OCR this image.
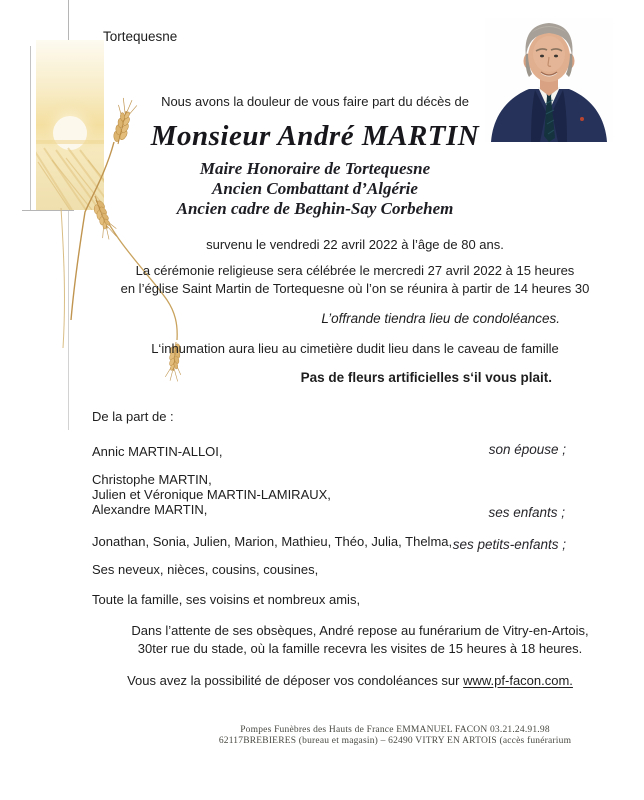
Tortequesne
Nous avons la douleur de vous faire part du décès de
Monsieur André MARTIN
Maire Honoraire de Tortequesne
Ancien Combattant d’Algérie
Ancien cadre de Beghin-Say Corbehem
survenu le vendredi 22 avril 2022 à l’âge de 80 ans.
La cérémonie religieuse sera célébrée le mercredi 27 avril 2022 à 15 heures
en l’église Saint Martin de Tortequesne où l’on se réunira à partir de 14 heures 30
L’offrande tiendra lieu de condoléances.
L‘inhumation aura lieu au cimetière dudit lieu dans le caveau de famille
Pas de fleurs artificielles s‘il vous plait.
De la part de :
Annic MARTIN-ALLOI,	son épouse ;
Christophe MARTIN,
Julien et Véronique MARTIN-LAMIRAUX,
Alexandre MARTIN,	ses enfants ;
Jonathan, Sonia, Julien, Marion, Mathieu, Théo, Julia, Thelma, ses petits-enfants ;
Ses neveux, nièces, cousins, cousines,
Toute la famille, ses voisins et nombreux amis,
Dans l’attente de ses obsèques, André repose au funérarium de Vitry-en-Artois,
30ter rue du stade, où la famille recevra les visites de 15 heures à 18 heures.
Vous avez la possibilité de déposer vos condoléances sur www.pf-facon.com.
Pompes Funèbres des Hauts de France EMMANUEL FACON 03.21.24.91.98
62117BREBIERES (bureau et magasin) – 62490 VITRY EN ARTOIS (accès funérarium
